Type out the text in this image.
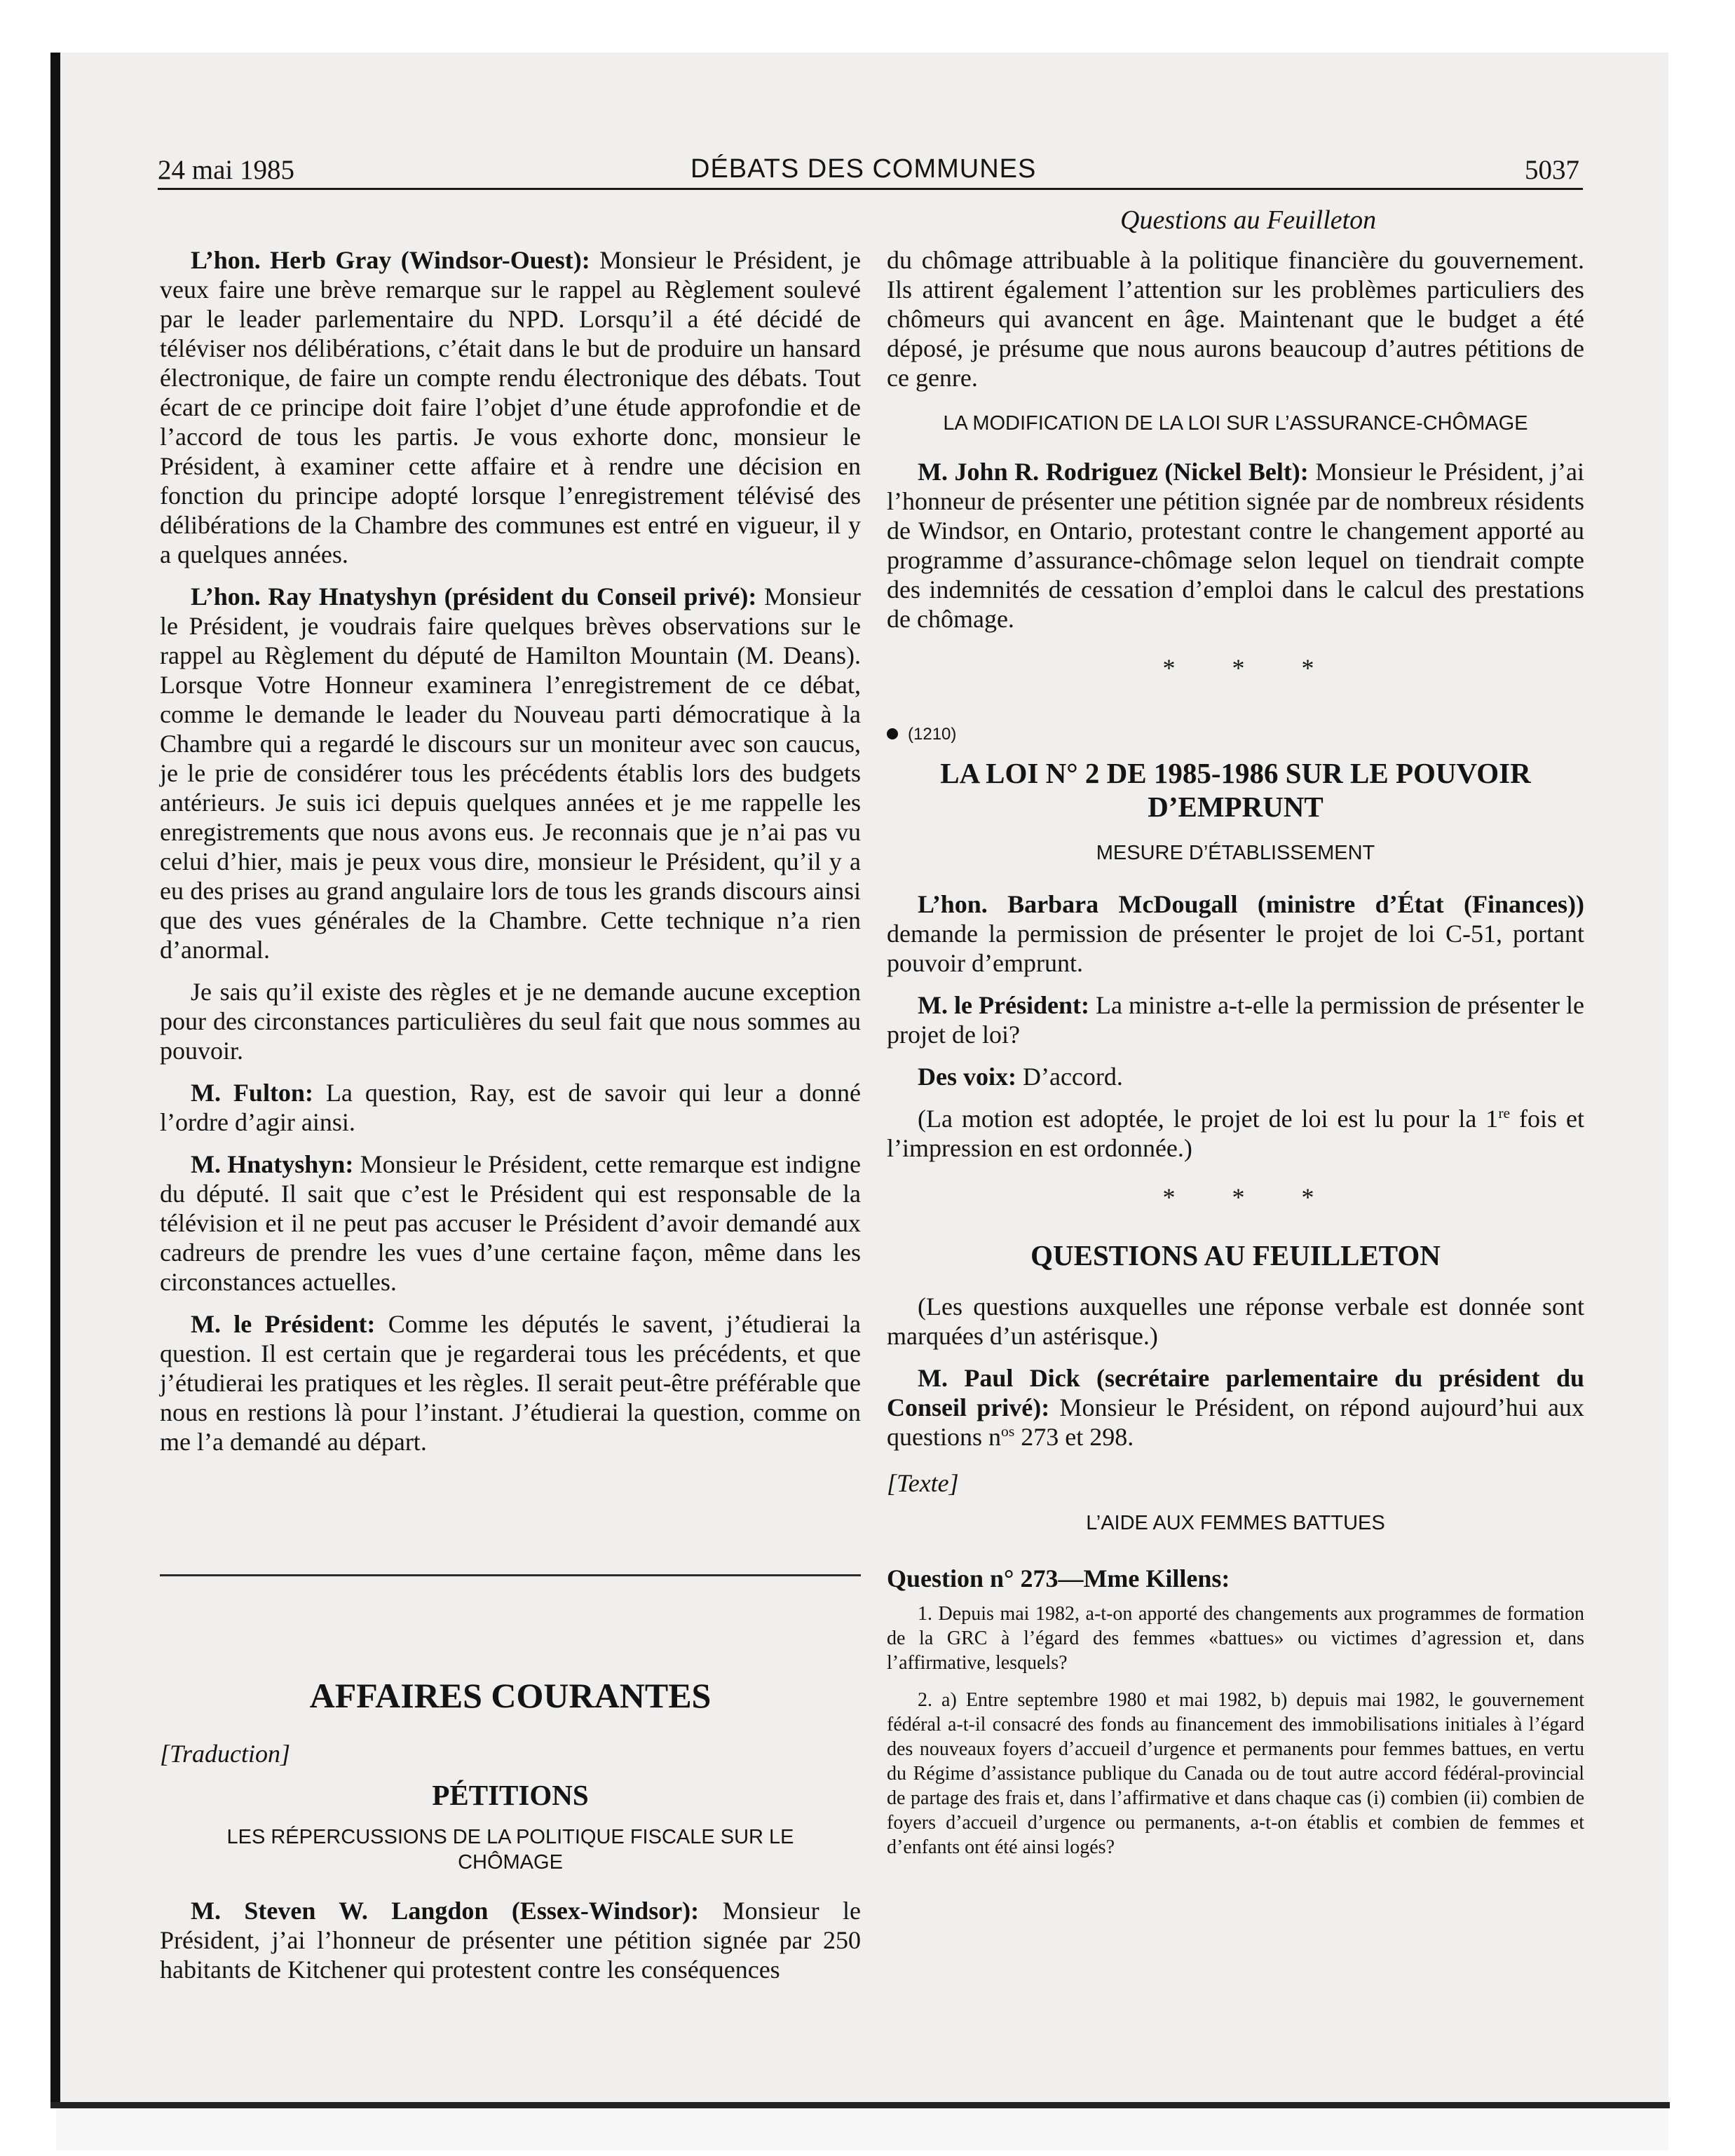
24 mai 1985	DÉBATS DES COMMUNES	5037
Questions au Feuilleton

L’hon. Herb Gray (Windsor-Ouest): Monsieur le Président, je veux faire une brève remarque sur le rappel au Règlement soulevé par le leader parlementaire du NPD. Lorsqu’il a été décidé de téléviser nos délibérations, c’était dans le but de produire un hansard électronique, de faire un compte rendu électronique des débats. Tout écart de ce principe doit faire l’objet d’une étude approfondie et de l’accord de tous les partis. Je vous exhorte donc, monsieur le Président, à examiner cette affaire et à rendre une décision en fonction du principe adopté lorsque l’enregistrement télévisé des délibérations de la Chambre des communes est entré en vigueur, il y a quelques années.

L’hon. Ray Hnatyshyn (président du Conseil privé): Monsieur le Président, je voudrais faire quelques brèves observations sur le rappel au Règlement du député de Hamilton Mountain (M. Deans). Lorsque Votre Honneur examinera l’enregistrement de ce débat, comme le demande le leader du Nouveau parti démocratique à la Chambre qui a regardé le discours sur un moniteur avec son caucus, je le prie de considérer tous les précédents établis lors des budgets antérieurs. Je suis ici depuis quelques années et je me rappelle les enregistrements que nous avons eus. Je reconnais que je n’ai pas vu celui d’hier, mais je peux vous dire, monsieur le Président, qu’il y a eu des prises au grand angulaire lors de tous les grands discours ainsi que des vues générales de la Chambre. Cette technique n’a rien d’anormal.

Je sais qu’il existe des règles et je ne demande aucune exception pour des circonstances particulières du seul fait que nous sommes au pouvoir.

M. Fulton: La question, Ray, est de savoir qui leur a donné l’ordre d’agir ainsi.

M. Hnatyshyn: Monsieur le Président, cette remarque est indigne du député. Il sait que c’est le Président qui est responsable de la télévision et il ne peut pas accuser le Président d’avoir demandé aux cadreurs de prendre les vues d’une certaine façon, même dans les circonstances actuelles.

M. le Président: Comme les députés le savent, j’étudierai la question. Il est certain que je regarderai tous les précédents, et que j’étudierai les pratiques et les règles. Il serait peut-être préférable que nous en restions là pour l’instant. J’étudierai la question, comme on me l’a demandé au départ.

AFFAIRES COURANTES

[Traduction]

PÉTITIONS

LES RÉPERCUSSIONS DE LA POLITIQUE FISCALE SUR LE CHÔMAGE

M. Steven W. Langdon (Essex-Windsor): Monsieur le Président, j’ai l’honneur de présenter une pétition signée par 250 habitants de Kitchener qui protestent contre les conséquences

du chômage attribuable à la politique financière du gouvernement. Ils attirent également l’attention sur les problèmes particuliers des chômeurs qui avancent en âge. Maintenant que le budget a été déposé, je présume que nous aurons beaucoup d’autres pétitions de ce genre.

LA MODIFICATION DE LA LOI SUR L’ASSURANCE-CHÔMAGE

M. John R. Rodriguez (Nickel Belt): Monsieur le Président, j’ai l’honneur de présenter une pétition signée par de nombreux résidents de Windsor, en Ontario, protestant contre le changement apporté au programme d’assurance-chômage selon lequel on tiendrait compte des indemnités de cessation d’emploi dans le calcul des prestations de chômage.

* * *

(1210)

LA LOI N° 2 DE 1985-1986 SUR LE POUVOIR D’EMPRUNT

MESURE D’ÉTABLISSEMENT

L’hon. Barbara McDougall (ministre d’État (Finances)) demande la permission de présenter le projet de loi C-51, portant pouvoir d’emprunt.

M. le Président: La ministre a-t-elle la permission de présenter le projet de loi?

Des voix: D’accord.

(La motion est adoptée, le projet de loi est lu pour la 1re fois et l’impression en est ordonnée.)

* * *

QUESTIONS AU FEUILLETON

(Les questions auxquelles une réponse verbale est donnée sont marquées d’un astérisque.)

M. Paul Dick (secrétaire parlementaire du président du Conseil privé): Monsieur le Président, on répond aujourd’hui aux questions $n^{os}$ 273 et 298.

[Texte]

L’AIDE AUX FEMMES BATTUES

Question n° 273—Mme Killens:

1. Depuis mai 1982, a-t-on apporté des changements aux programmes de formation de la GRC à l’égard des femmes «battues» ou victimes d’agression et, dans l’affirmative, lesquels?

2. a) Entre septembre 1980 et mai 1982, b) depuis mai 1982, le gouvernement fédéral a-t-il consacré des fonds au financement des immobilisations initiales à l’égard des nouveaux foyers d’accueil d’urgence et permanents pour femmes battues, en vertu du Régime d’assistance publique du Canada ou de tout autre accord fédéral-provincial de partage des frais et, dans l’affirmative et dans chaque cas (i) combien (ii) combien de foyers d’accueil d’urgence ou permanents, a-t-on établis et combien de femmes et d’enfants ont été ainsi logés?
